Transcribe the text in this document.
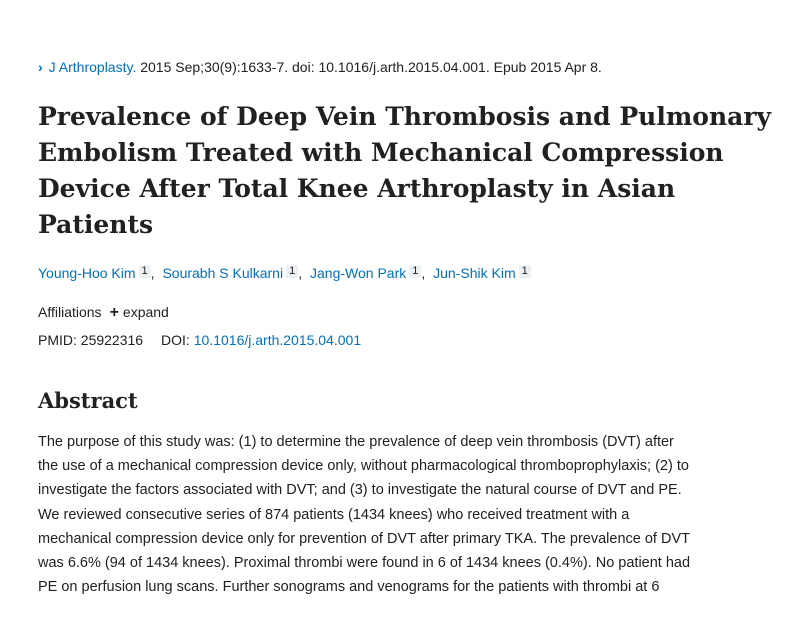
› J Arthroplasty. 2015 Sep;30(9):1633-7. doi: 10.1016/j.arth.2015.04.001. Epub 2015 Apr 8.
Prevalence of Deep Vein Thrombosis and Pulmonary Embolism Treated with Mechanical Compression Device After Total Knee Arthroplasty in Asian Patients
Young-Hoo Kim $^1$ , Sourabh S Kulkarni $^1$ , Jang-Won Park $^1$ , Jun-Shik Kim $^1$
Affiliations + expand
PMID: 25922316 DOI: 10.1016/j.arth.2015.04.001
Abstract
The purpose of this study was: (1) to determine the prevalence of deep vein thrombosis (DVT) after
the use of a mechanical compression device only, without pharmacological thromboprophylaxis; (2) to
investigate the factors associated with DVT; and (3) to investigate the natural course of DVT and PE.
We reviewed consecutive series of 874 patients (1434 knees) who received treatment with a
mechanical compression device only for prevention of DVT after primary TKA. The prevalence of DVT
was 6.6% (94 of 1434 knees). Proximal thrombi were found in 6 of 1434 knees (0.4%). No patient had
PE on perfusion lung scans. Further sonograms and venograms for the patients with thrombi at 6
